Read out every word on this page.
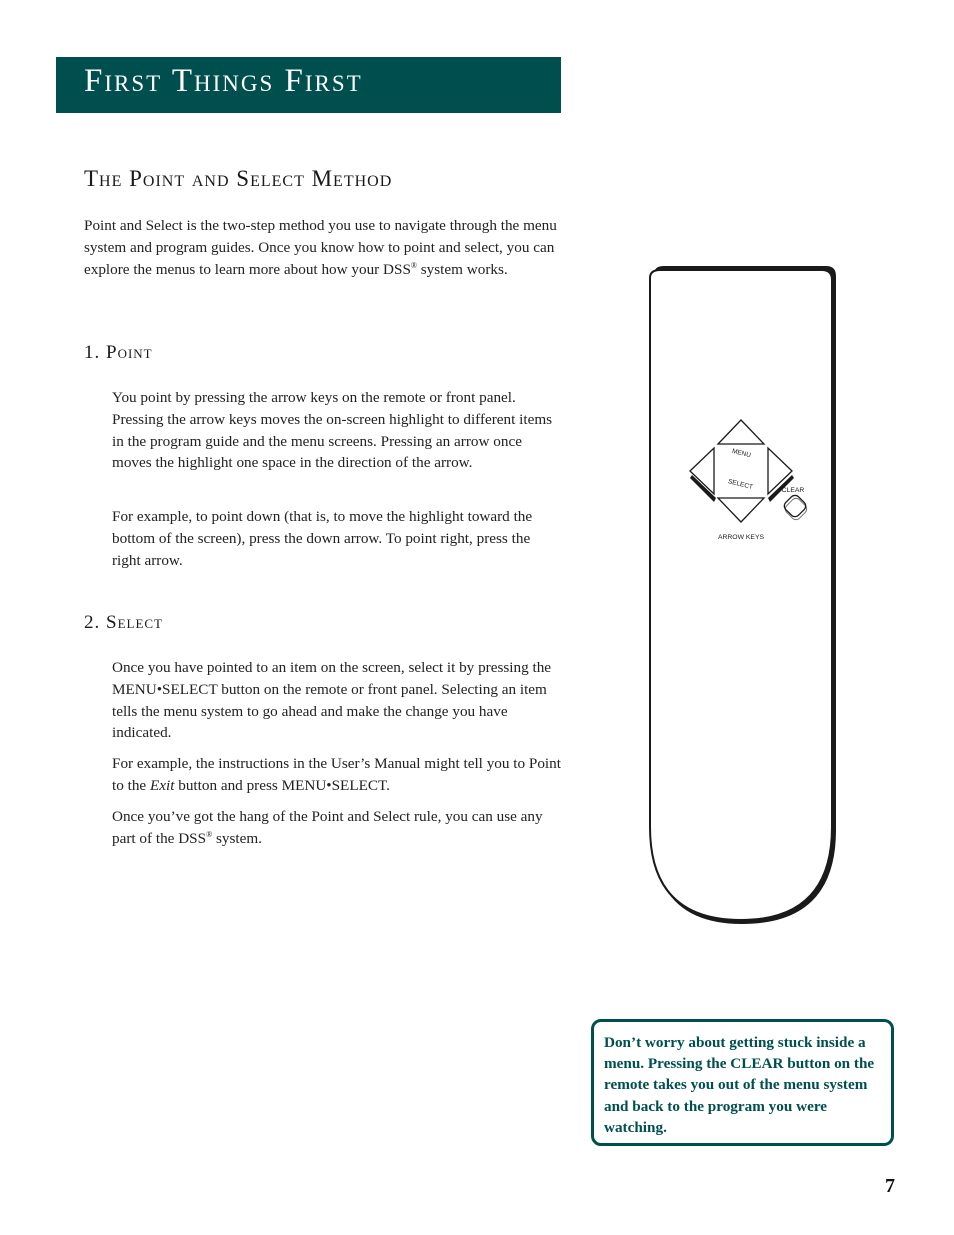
First Things First
The Point and Select Method

Point and Select is the two-step method you use to navigate through the menu system and program guides. Once you know how to point and select, you can explore the menus to learn more about how your DSS® system works.

1. Point

You point by pressing the arrow keys on the remote or front panel. Pressing the arrow keys moves the on-screen highlight to different items in the program guide and the menu screens. Pressing an arrow once moves the highlight one space in the direction of the arrow.

For example, to point down (that is, to move the highlight toward the bottom of the screen), press the down arrow. To point right, press the right arrow.

2. Select

Once you have pointed to an item on the screen, select it by pressing the MENU•SELECT button on the remote or front panel. Selecting an item tells the menu system to go ahead and make the change you have indicated.

For example, the instructions in the User’s Manual might tell you to Point to the Exit button and press MENU•SELECT.

Once you’ve got the hang of the Point and Select rule, you can use any part of the DSS® system.

MENU
SELECT	CLEAR
ARROW KEYS
Don’t worry about getting stuck inside a menu. Pressing the CLEAR button on the remote takes you out of the menu system and back to the program you were watching.
7
